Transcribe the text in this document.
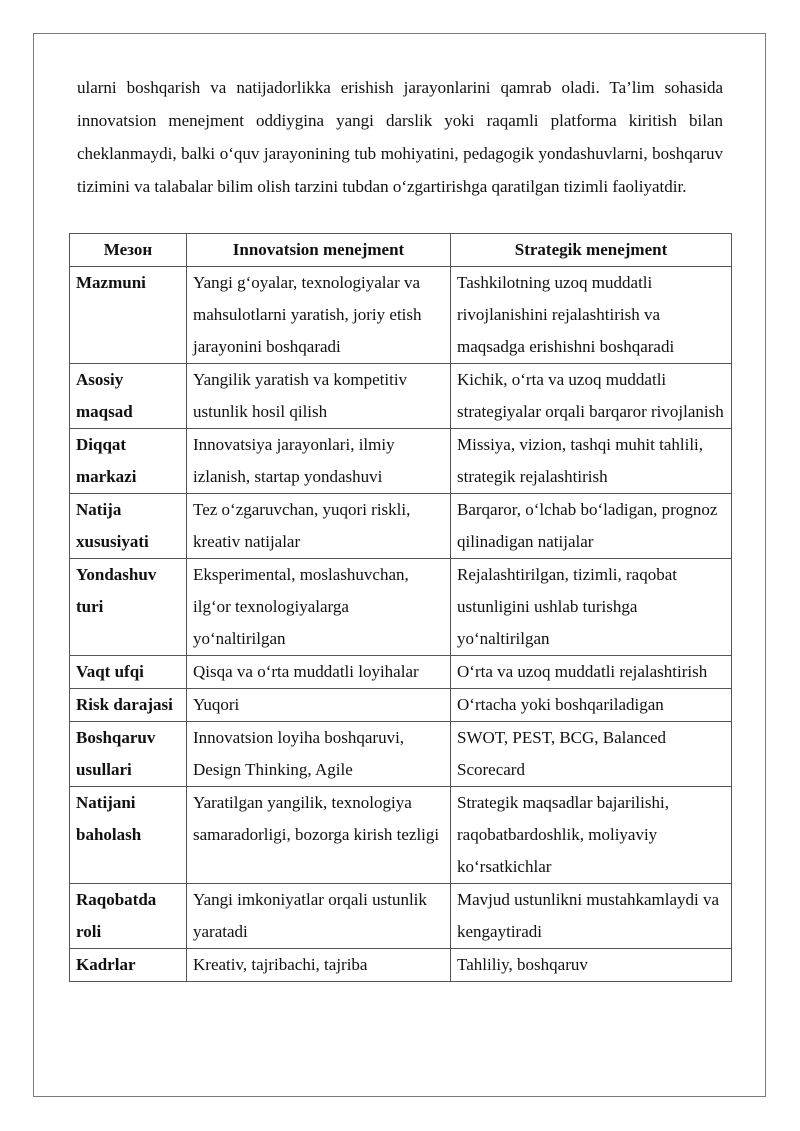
ularni boshqarish va natijadorlikka erishish jarayonlarini qamrab oladi. Ta’lim sohasida innovatsion menejment oddiygina yangi darslik yoki raqamli platforma kiritish bilan cheklanmaydi, balki o‘quv jarayonining tub mohiyatini, pedagogik yondashuvlarni, boshqaruv tizimini va talabalar bilim olish tarzini tubdan o‘zgartirishga qaratilgan tizimli faoliyatdir.

Мезон	Innovatsion menejment	Strategik menejment
Mazmuni	Yangi g‘oyalar, texnologiyalar va mahsulotlarni yaratish, joriy etish jarayonini boshqaradi	Tashkilotning uzoq muddatli rivojlanishini rejalashtirish va maqsadga erishishni boshqaradi
Asosiy maqsad	Yangilik yaratish va kompetitiv ustunlik hosil qilish	Kichik, o‘rta va uzoq muddatli strategiyalar orqali barqaror rivojlanish
Diqqat markazi	Innovatsiya jarayonlari, ilmiy izlanish, startap yondashuvi	Missiya, vizion, tashqi muhit tahlili, strategik rejalashtirish
Natija xususiyati	Tez o‘zgaruvchan, yuqori riskli, kreativ natijalar	Barqaror, o‘lchab bo‘ladigan, prognoz qilinadigan natijalar
Yondashuv turi	Eksperimental, moslashuvchan, ilg‘or texnologiyalarga yo‘naltirilgan	Rejalashtirilgan, tizimli, raqobat ustunligini ushlab turishga yo‘naltirilgan
Vaqt ufqi	Qisqa va o‘rta muddatli loyihalar	O‘rta va uzoq muddatli rejalashtirish
Risk darajasi	Yuqori	O‘rtacha yoki boshqariladigan
Boshqaruv usullari	Innovatsion loyiha boshqaruvi, Design Thinking, Agile	SWOT, PEST, BCG, Balanced Scorecard
Natijani baholash	Yaratilgan yangilik, texnologiya samaradorligi, bozorga kirish tezligi	Strategik maqsadlar bajarilishi, raqobatbardoshlik, moliyaviy ko‘rsatkichlar
Raqobatda roli	Yangi imkoniyatlar orqali ustunlik yaratadi	Mavjud ustunlikni mustahkamlaydi va kengaytiradi
Kadrlar	Kreativ, tajribachi, tajriba	Tahliliy, boshqaruv
